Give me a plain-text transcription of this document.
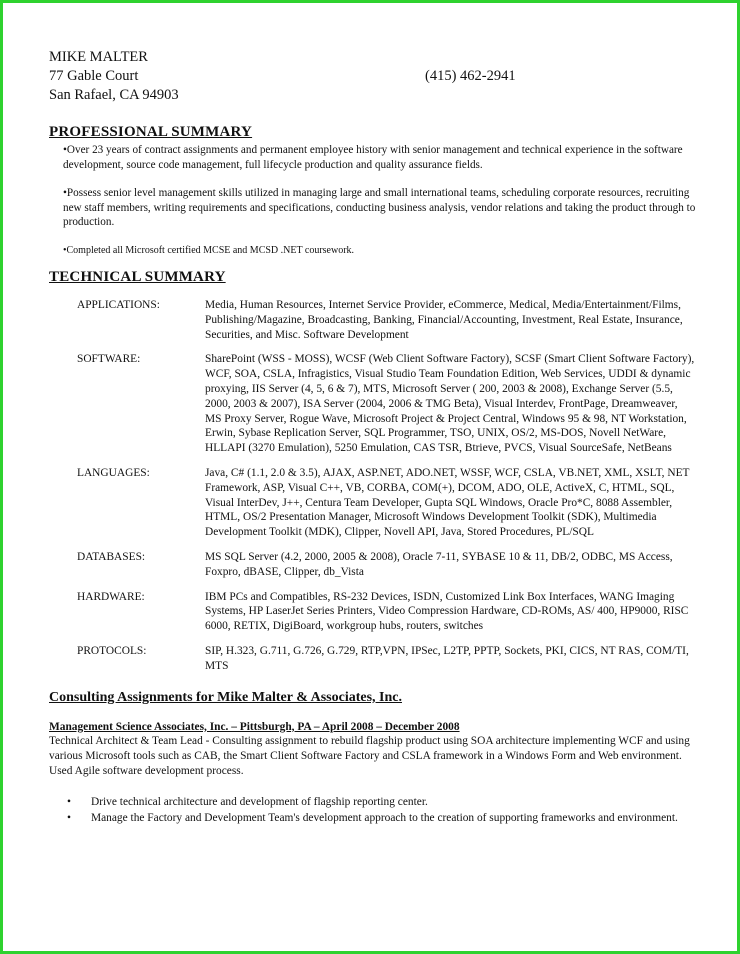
MIKE MALTER
77 Gable Court	(415) 462-2941
San Rafael, CA 94903
PROFESSIONAL SUMMARY
•Over 23 years of contract assignments and permanent employee history with senior management and technical experience in the software development, source code management, full lifecycle production and quality assurance fields.
•Possess senior level management skills utilized in managing large and small international teams, scheduling corporate resources, recruiting new staff members, writing requirements and specifications, conducting business analysis, vendor relations and taking the product through to production.
•Completed all Microsoft certified MCSE and MCSD .NET coursework.
TECHNICAL SUMMARY
APPLICATIONS:	Media, Human Resources, Internet Service Provider, eCommerce, Medical, Media/Entertainment/Films, Publishing/Magazine, Broadcasting, Banking, Financial/Accounting, Investment, Real Estate, Insurance, Securities, and Misc. Software Development
SOFTWARE:	SharePoint (WSS - MOSS), WCSF (Web Client Software Factory), SCSF (Smart Client Software Factory), WCF, SOA, CSLA, Infragistics, Visual Studio Team Foundation Edition, Web Services, UDDI & dynamic proxying, IIS Server (4, 5, 6 & 7), MTS, Microsoft Server ( 200, 2003 & 2008), Exchange Server (5.5, 2000, 2003 & 2007), ISA Server (2004, 2006 & TMG Beta), Visual Interdev, FrontPage, Dreamweaver, MS Proxy Server, Rogue Wave, Microsoft Project & Project Central, Windows 95 & 98, NT Workstation, Erwin, Sybase Replication Server, SQL Programmer, TSO, UNIX, OS/2, MS-DOS, Novell NetWare, HLLAPI (3270 Emulation), 5250 Emulation, CAS TSR, Btrieve, PVCS, Visual SourceSafe, NetBeans
LANGUAGES:	Java, C# (1.1, 2.0 & 3.5), AJAX, ASP.NET, ADO.NET, WSSF, WCF, CSLA, VB.NET, XML, XSLT, NET Framework, ASP, Visual C++, VB, CORBA, COM(+), DCOM, ADO, OLE, ActiveX, C, HTML, SQL, Visual InterDev, J++, Centura Team Developer, Gupta SQL Windows, Oracle Pro*C, 8088 Assembler, HTML, OS/2 Presentation Manager, Microsoft Windows Development Toolkit (SDK), Multimedia Development Toolkit (MDK), Clipper, Novell API, Java, Stored Procedures, PL/SQL
DATABASES:	MS SQL Server (4.2, 2000, 2005 & 2008), Oracle 7-11, SYBASE 10 & 11, DB/2, ODBC, MS Access, Foxpro, dBASE, Clipper, db_Vista
HARDWARE:	IBM PCs and Compatibles, RS-232 Devices, ISDN, Customized Link Box Interfaces, WANG Imaging Systems, HP LaserJet Series Printers, Video Compression Hardware, CD-ROMs, AS/ 400, HP9000, RISC 6000, RETIX, DigiBoard, workgroup hubs, routers, switches
PROTOCOLS:	SIP, H.323, G.711, G.726, G.729, RTP,VPN, IPSec, L2TP, PPTP, Sockets, PKI, CICS, NT RAS, COM/TI, MTS
Consulting Assignments for Mike Malter & Associates, Inc.
Management Science Associates, Inc. – Pittsburgh, PA – April 2008 – December 2008
Technical Architect & Team Lead - Consulting assignment to rebuild flagship product using SOA architecture implementing WCF and using various Microsoft tools such as CAB, the Smart Client Software Factory and CSLA framework in a Windows Form and Web environment. Used Agile software development process.
•	Drive technical architecture and development of flagship reporting center.
•	Manage the Factory and Development Team's development approach to the creation of supporting frameworks and environment.
